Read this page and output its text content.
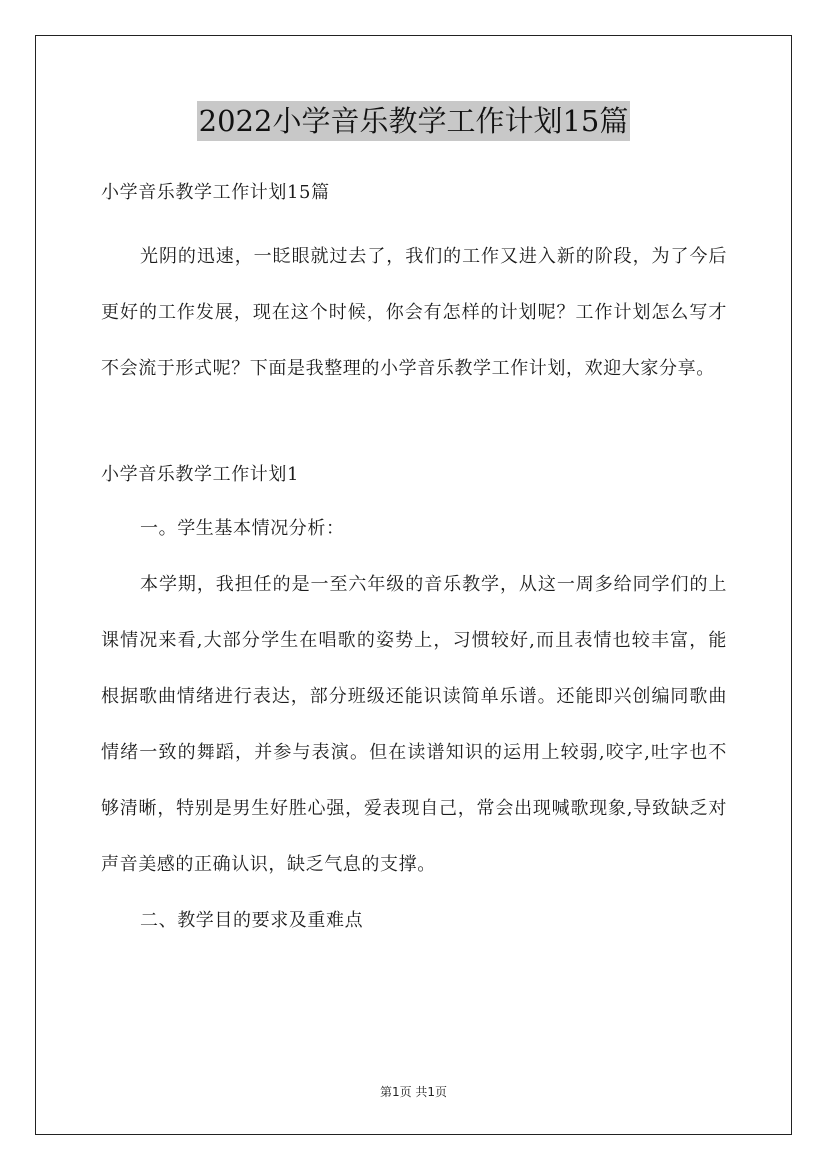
2022小学音乐教学工作计划15篇
小学音乐教学工作计划15篇

光阴的迅速，一眨眼就过去了，我们的工作又进入新的阶段，为了今后更好的工作发展，现在这个时候，你会有怎样的计划呢？工作计划怎么写才不会流于形式呢？下面是我整理的小学音乐教学工作计划，欢迎大家分享。

小学音乐教学工作计划1

一。学生基本情况分析：

本学期，我担任的是一至六年级的音乐教学，从这一周多给同学们的上课情况来看,大部分学生在唱歌的姿势上，习惯较好,而且表情也较丰富，能根据歌曲情绪进行表达，部分班级还能识读简单乐谱。还能即兴创编同歌曲情绪一致的舞蹈，并参与表演。但在读谱知识的运用上较弱,咬字,吐字也不够清晰，特别是男生好胜心强，爱表现自己，常会出现喊歌现象,导致缺乏对声音美感的正确认识，缺乏气息的支撑。

二、教学目的要求及重难点

第1页 共1页
